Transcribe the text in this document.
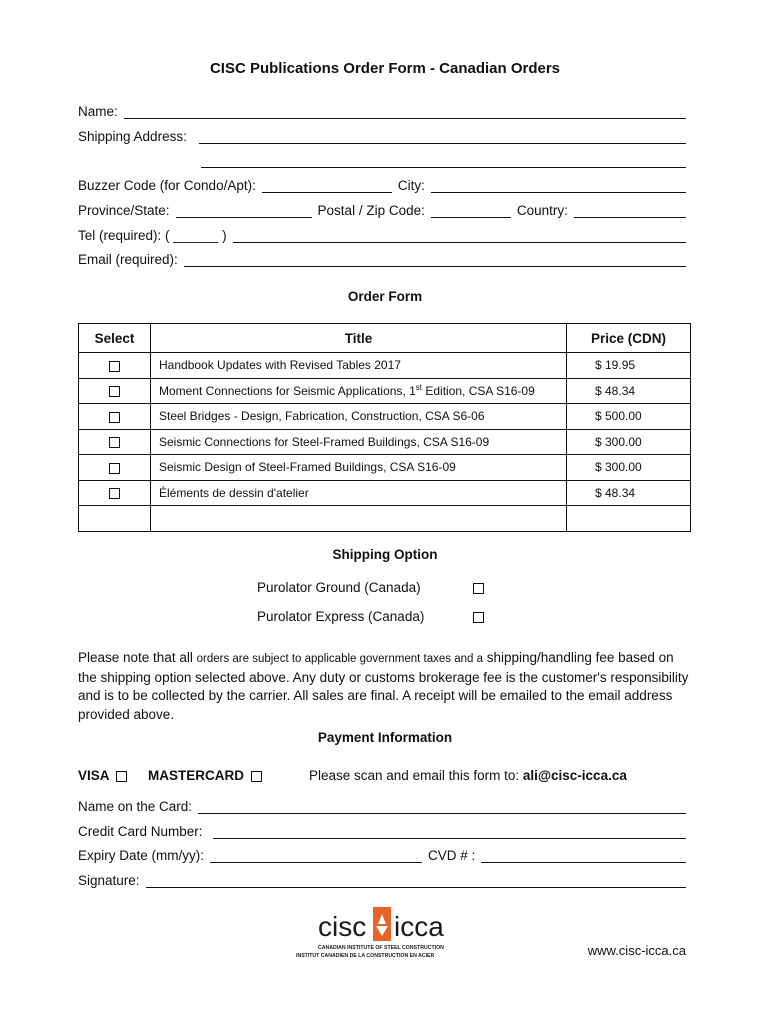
CISC Publications Order Form - Canadian Orders
Name:
Shipping Address:
Buzzer Code (for Condo/Apt):	City:
Province/State:	Postal / Zip Code:	Country:
Tel (required): ( ______ )
Email (required):
Order Form
Select	Title	Price (CDN)
	Handbook Updates with Revised Tables 2017	$ 19.95
	Moment Connections for Seismic Applications, 1st Edition, CSA S16-09	$ 48.34
	Steel Bridges - Design, Fabrication, Construction, CSA S6-06	$ 500.00
	Seismic Connections for Steel-Framed Buildings, CSA S16-09	$ 300.00
	Seismic Design of Steel-Framed Buildings, CSA S16-09	$ 300.00
	Éléments de dessin d'atelier	$ 48.34

Shipping Option
Purolator Ground (Canada)
Purolator Express (Canada)
Please note that all orders are subject to applicable government taxes and a shipping/handling fee based on the shipping option selected above. Any duty or customs brokerage fee is the customer's responsibility and is to be collected by the carrier. All sales are final. A receipt will be emailed to the email address provided above.
Payment Information
VISA	MASTERCARD	Please scan and email this form to: ali@cisc-icca.ca
Name on the Card:
Credit Card Number:
Expiry Date (mm/yy):	CVD # :
Signature:
cisc icca
CANADIAN INSTITUTE OF STEEL CONSTRUCTION
INSTITUT CANADIEN DE LA CONSTRUCTION EN ACIER	www.cisc-icca.ca
